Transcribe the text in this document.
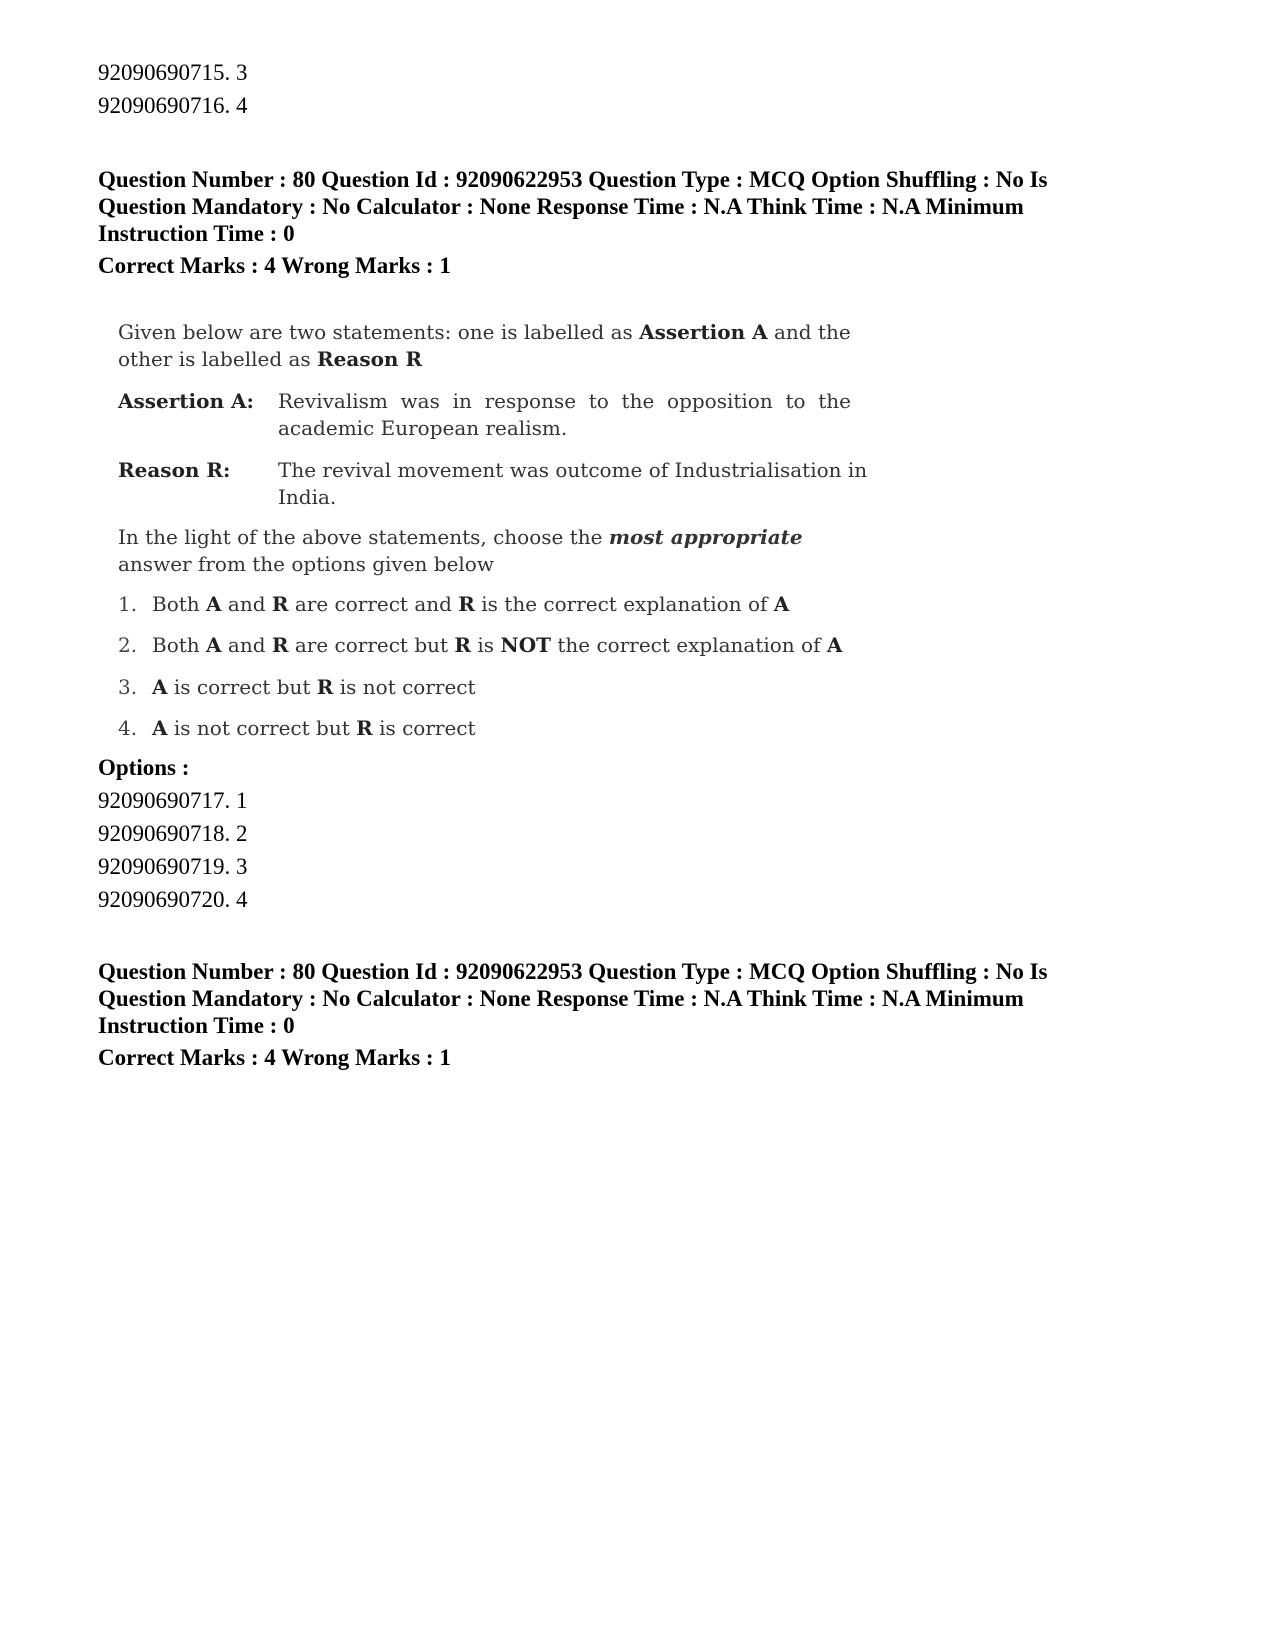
92090690715. 3
92090690716. 4
Question Number : 80 Question Id : 92090622953 Question Type : MCQ Option Shuffling : No Is
Question Mandatory : No Calculator : None Response Time : N.A Think Time : N.A Minimum
Instruction Time : 0
Correct Marks : 4 Wrong Marks : 1
Given below are two statements: one is labelled as Assertion A and the
other is labelled as Reason R
Assertion A: Revivalism  was  in  response  to  the  opposition  to  the
academic European realism.
Reason R: The revival movement was outcome of Industrialisation in
India.
In the light of the above statements, choose the most appropriate
answer from the options given below
1. Both A and R are correct and R is the correct explanation of A
2. Both A and R are correct but R is NOT the correct explanation of A
3. A is correct but R is not correct
4. A is not correct but R is correct
Options :
92090690717. 1
92090690718. 2
92090690719. 3
92090690720. 4
Question Number : 80 Question Id : 92090622953 Question Type : MCQ Option Shuffling : No Is
Question Mandatory : No Calculator : None Response Time : N.A Think Time : N.A Minimum
Instruction Time : 0
Correct Marks : 4 Wrong Marks : 1
